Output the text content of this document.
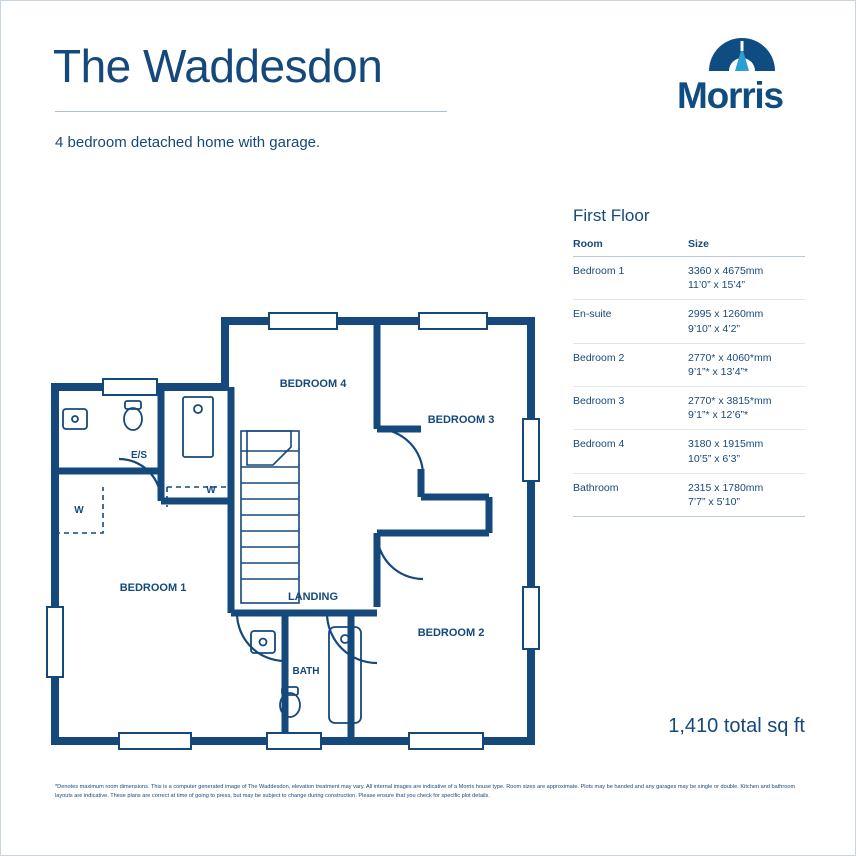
The Waddesdon
4 bedroom detached home with garage.
Morris
First Floor
Room	Size
Bedroom 1	3360 x 4675mm
11’0” x 15’4”
En-suite	2995 x 1260mm
9’10” x 4’2”
Bedroom 2	2770* x 4060*mm
9’1”* x 13’4”*
Bedroom 3	2770* x 3815*mm
9’1”* x 12’6”*
Bedroom 4	3180 x 1915mm
10’5” x 6’3”
Bathroom	2315 x 1780mm
7’7” x 5’10”
1,410 total sq ft
BEDROOM 4
BEDROOM 3
E/S
W
W
BEDROOM 1
LANDING
BEDROOM 2
BATH
*Denotes maximum room dimensions. This is a computer generated image of The Waddesdon, elevation treatment may vary. All internal images are indicative of a Morris house type. Room sizes are approximate. Plots may be handed and any garages may be single or double. Kitchen and bathroom layouts are indicative. These plans are correct at time of going to press, but may be subject to change during construction. Please ensure that you check for specific plot details.
